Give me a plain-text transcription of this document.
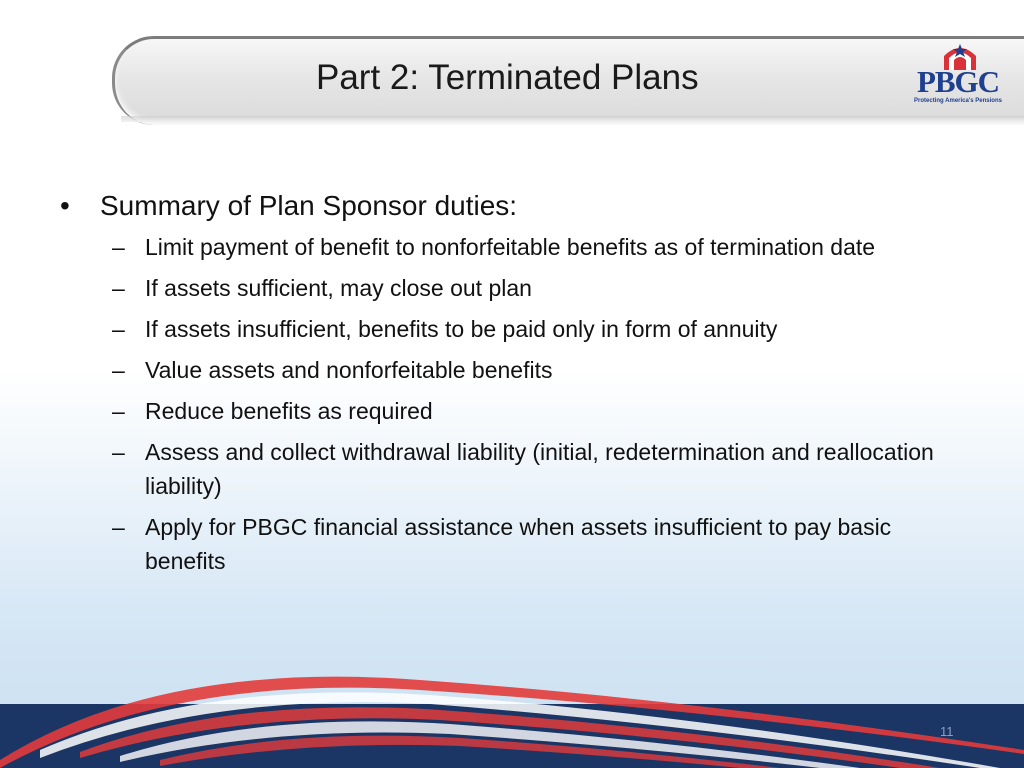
Part 2: Terminated Plans	PBGC
Protecting America's Pensions
• Summary of Plan Sponsor duties:
– Limit payment of benefit to nonforfeitable benefits as of termination date
– If assets sufficient, may close out plan
– If assets insufficient, benefits to be paid only in form of annuity
– Value assets and nonforfeitable benefits
– Reduce benefits as required
– Assess and collect withdrawal liability (initial, redetermination and reallocation liability)
– Apply for PBGC financial assistance when assets insufficient to pay basic benefits
11
